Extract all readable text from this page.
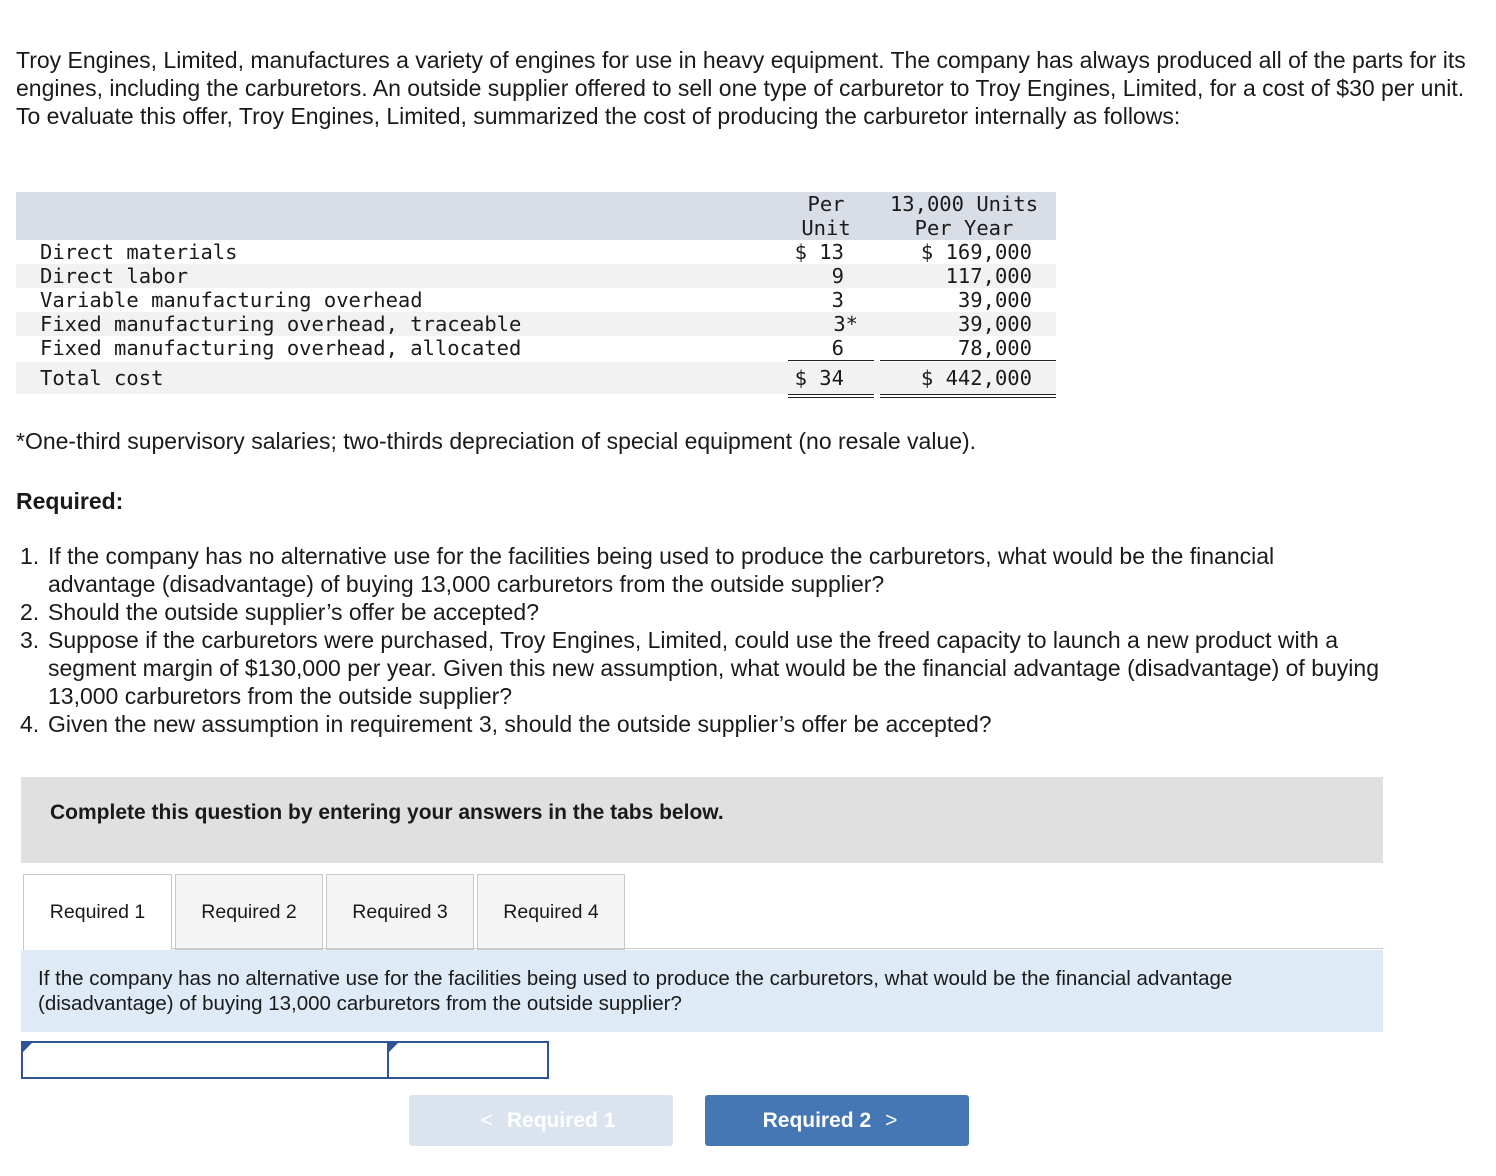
Troy Engines, Limited, manufactures a variety of engines for use in heavy equipment. The company has always produced all of the parts for its engines, including the carburetors. An outside supplier offered to sell one type of carburetor to Troy Engines, Limited, for a cost of $30 per unit. To evaluate this offer, Troy Engines, Limited, summarized the cost of producing the carburetor internally as follows:
Per
Unit
13,000 Units
Per Year
Direct materials	$ 13	$ 169,000
Direct labor	9	117,000
Variable manufacturing overhead	3	39,000
Fixed manufacturing overhead, traceable	3*	39,000
Fixed manufacturing overhead, allocated	6	78,000
Total cost	$ 34	$ 442,000
*One-third supervisory salaries; two-thirds depreciation of special equipment (no resale value).
Required:
1. If the company has no alternative use for the facilities being used to produce the carburetors, what would be the financial
advantage (disadvantage) of buying 13,000 carburetors from the outside supplier?
2. Should the outside supplier’s offer be accepted?
3. Suppose if the carburetors were purchased, Troy Engines, Limited, could use the freed capacity to launch a new product with a
segment margin of $130,000 per year. Given this new assumption, what would be the financial advantage (disadvantage) of buying
13,000 carburetors from the outside supplier?
4. Given the new assumption in requirement 3, should the outside supplier’s offer be accepted?
Complete this question by entering your answers in the tabs below.
Required 1	Required 2	Required 3	Required 4
If the company has no alternative use for the facilities being used to produce the carburetors, what would be the financial advantage (disadvantage) of buying 13,000 carburetors from the outside supplier?
< Required 1	Required 2 >
